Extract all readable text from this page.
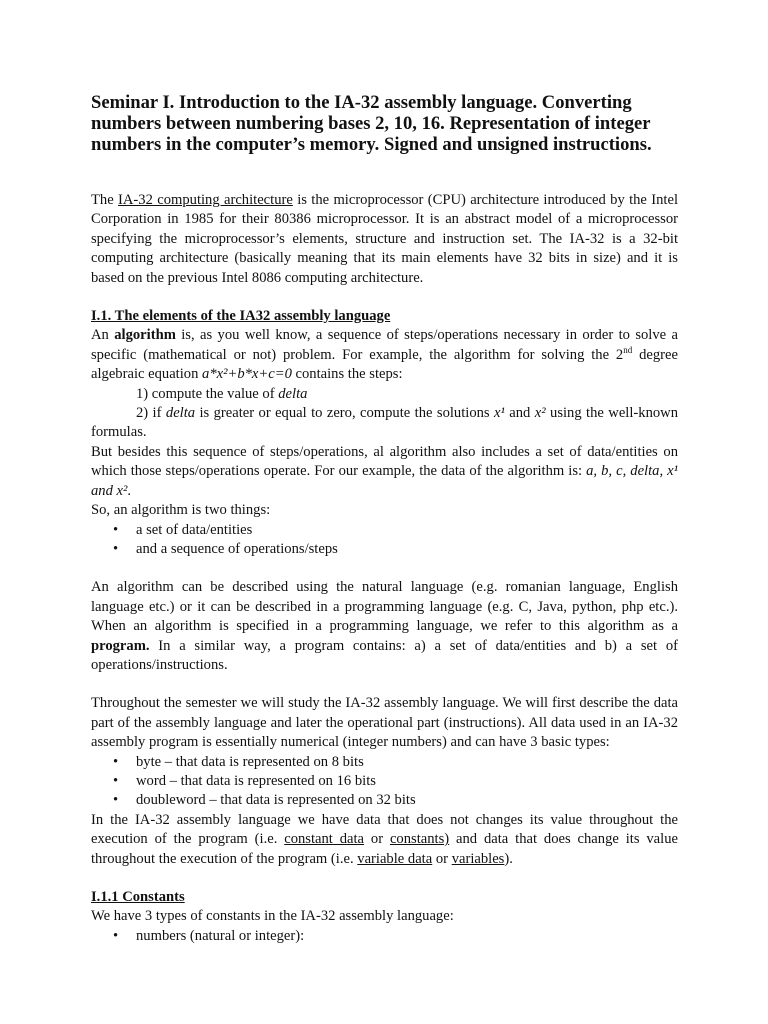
Seminar I. Introduction to the IA-32 assembly language. Converting numbers between numbering bases 2, 10, 16. Representation of integer numbers in the computer’s memory. Signed and unsigned instructions.

The IA-32 computing architecture is the microprocessor (CPU) architecture introduced by the Intel Corporation in 1985 for their 80386 microprocessor. It is an abstract model of a microprocessor specifying the microprocessor’s elements, structure and instruction set. The IA-32 is a 32-bit computing architecture (basically meaning that its main elements have 32 bits in size) and it is based on the previous Intel 8086 computing architecture.

I.1. The elements of the IA32 assembly language

An algorithm is, as you well know, a sequence of steps/operations necessary in order to solve a specific (mathematical or not) problem. For example, the algorithm for solving the 2nd degree algebraic equation a*x²+b*x+c=0 contains the steps:

1) compute the value of delta

2) if delta is greater or equal to zero, compute the solutions x¹ and x² using the well-known formulas.

But besides this sequence of steps/operations, al algorithm also includes a set of data/entities on which those steps/operations operate. For our example, the data of the algorithm is: a, b, c, delta, x¹ and x².

So, an algorithm is two things:

• a set of data/entities
• and a sequence of operations/steps

An algorithm can be described using the natural language (e.g. romanian language, English language etc.) or it can be described in a programming language (e.g. C, Java, python, php etc.). When an algorithm is specified in a programming language, we refer to this algorithm as a program. In a similar way, a program contains: a) a set of data/entities and b) a set of operations/instructions.

Throughout the semester we will study the IA-32 assembly language. We will first describe the data part of the assembly language and later the operational part (instructions). All data used in an IA-32 assembly program is essentially numerical (integer numbers) and can have 3 basic types:

• byte – that data is represented on 8 bits
• word – that data is represented on 16 bits
• doubleword – that data is represented on 32 bits

In the IA-32 assembly language we have data that does not changes its value throughout the execution of the program (i.e. constant data or constants) and data that does change its value throughout the execution of the program (i.e. variable data or variables).

I.1.1 Constants

We have 3 types of constants in the IA-32 assembly language:

• numbers (natural or integer):
